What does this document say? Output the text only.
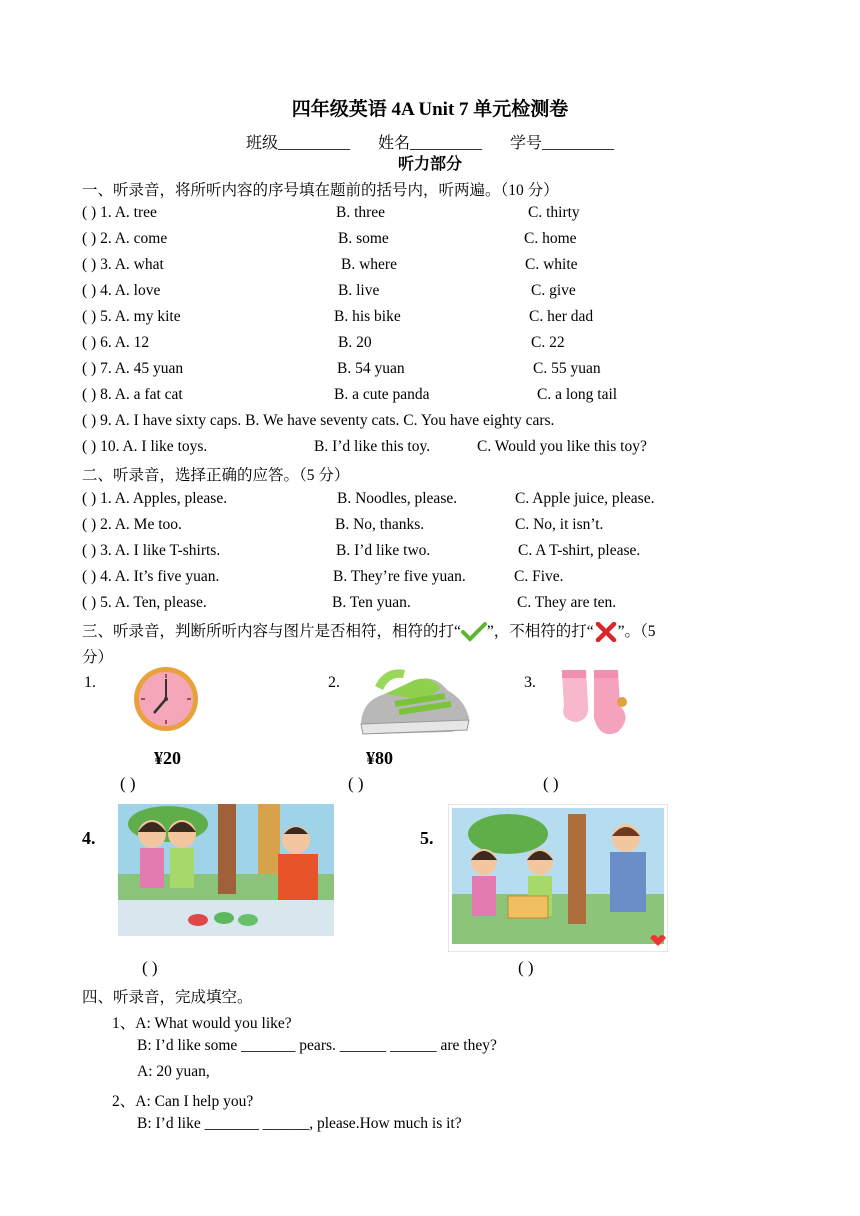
四年级英语 4A Unit 7 单元检测卷
班级_________ 姓名_________ 学号_________
听力部分
一、听录音，将所听内容的序号填在题前的括号内，听两遍。（10 分）
( ) 1. A. tree	B. three	C. thirty
( ) 2. A. come	B. some	C. home
( ) 3. A. what	B. where	C. white
( ) 4. A. love	B. live	C. give
( ) 5. A. my kite	B. his bike	C. her dad
( ) 6. A. 12	B. 20	C. 22
( ) 7. A. 45 yuan	B. 54 yuan	C. 55 yuan
( ) 8. A. a fat cat	B. a cute panda	C. a long tail
( ) 9. A. I have sixty caps. B. We have seventy cats. C. You have eighty cars.
( ) 10. A. I like toys.	B. I’d like this toy.	C. Would you like this toy?
二、听录音，选择正确的应答。（5 分）
( ) 1. A. Apples, please.	B. Noodles, please.	C. Apple juice, please.
( ) 2. A. Me too.	B. No, thanks.	C. No, it isn’t.
( ) 3. A. I like T-shirts.	B. I’d like two.	C. A T-shirt, please.
( ) 4. A. It’s five yuan.	B. They’re five yuan.	C. Five.
( ) 5. A. Ten, please.	B. Ten yuan.	C. They are ten.
三、听录音，判断所听内容与图片是否相符，相符的打“ ”，不相符的打“ ”。（5
分）
1.	2.	3.
¥20	¥80
( )	( )	( )
4.	5.
( )	( )
四、听录音，完成填空。
1、A: What would you like?
B: I’d like some _______ pears. ______ ______ are they?
A: 20 yuan,
2、A: Can I help you?
B: I’d like _______ ______, please.How much is it?
